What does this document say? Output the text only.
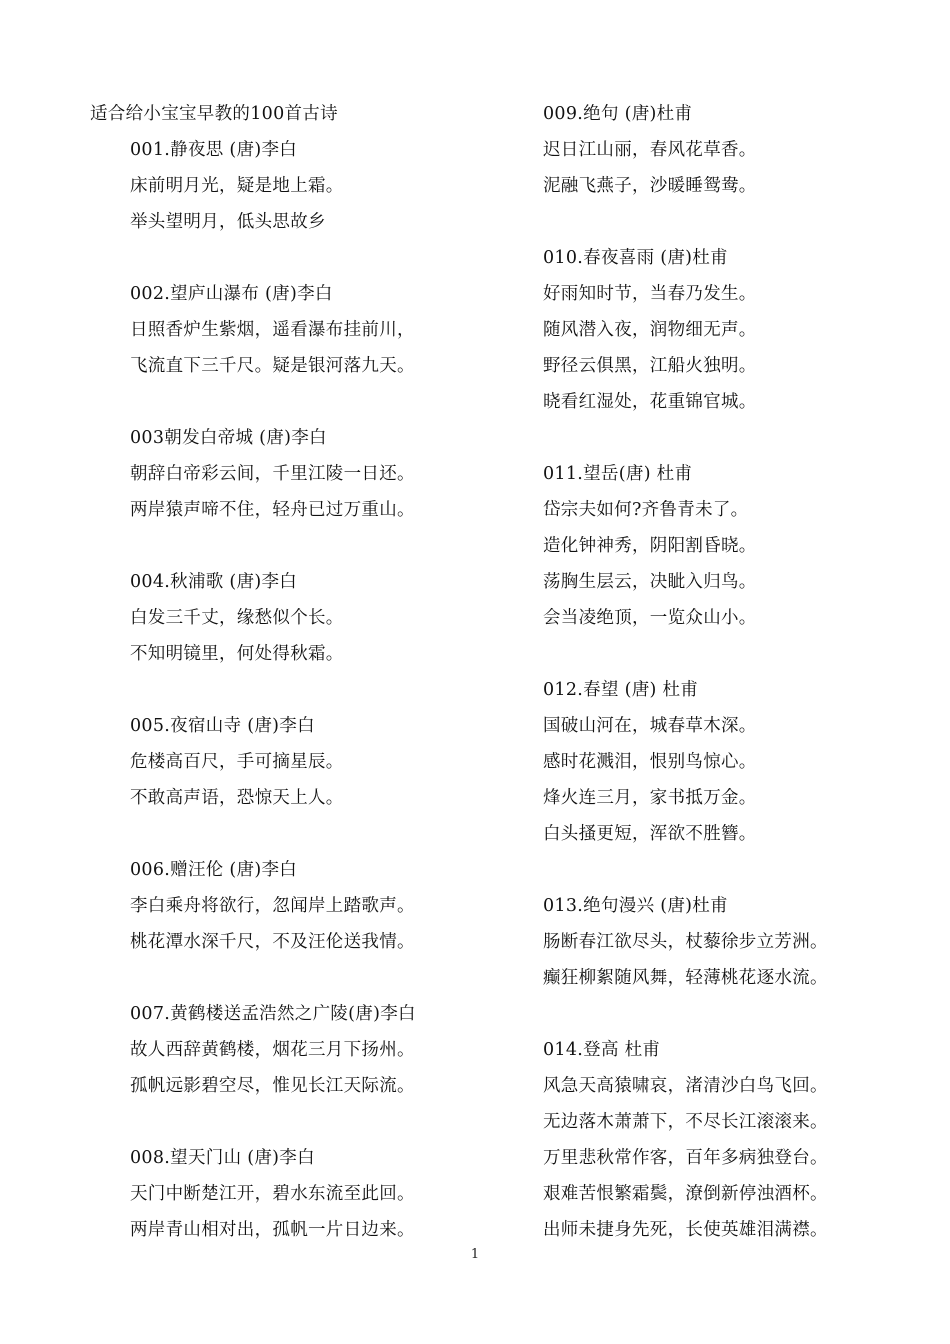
适合给小宝宝早教的100首古诗
001.静夜思 (唐)李白
床前明月光，疑是地上霜。
举头望明月，低头思故乡
002.望庐山瀑布 (唐)李白
日照香炉生紫烟，遥看瀑布挂前川，
飞流直下三千尺。疑是银河落九天。
003朝发白帝城 (唐)李白
朝辞白帝彩云间，千里江陵一日还。
两岸猿声啼不住，轻舟已过万重山。
004.秋浦歌 (唐)李白
白发三千丈，缘愁似个长。
不知明镜里，何处得秋霜。
005.夜宿山寺 (唐)李白
危楼高百尺，手可摘星辰。
不敢高声语，恐惊天上人。
006.赠汪伦 (唐)李白
李白乘舟将欲行，忽闻岸上踏歌声。
桃花潭水深千尺，不及汪伦送我情。
007.黄鹤楼送孟浩然之广陵(唐)李白
故人西辞黄鹤楼，烟花三月下扬州。
孤帆远影碧空尽，惟见长江天际流。
008.望天门山 (唐)李白
天门中断楚江开，碧水东流至此回。
两岸青山相对出，孤帆一片日边来。
009.绝句 (唐)杜甫
迟日江山丽，春风花草香。
泥融飞燕子，沙暖睡鸳鸯。
010.春夜喜雨 (唐)杜甫
好雨知时节，当春乃发生。
随风潜入夜，润物细无声。
野径云俱黑，江船火独明。
晓看红湿处，花重锦官城。
011.望岳(唐) 杜甫
岱宗夫如何?齐鲁青未了。
造化钟神秀，阴阳割昏晓。
荡胸生层云，决眦入归鸟。
会当凌绝顶，一览众山小。
012.春望 (唐) 杜甫
国破山河在，城春草木深。
感时花溅泪，恨别鸟惊心。
烽火连三月，家书抵万金。
白头搔更短，浑欲不胜簪。
013.绝句漫兴 (唐)杜甫
肠断春江欲尽头，杖藜徐步立芳洲。
癫狂柳絮随风舞，轻薄桃花逐水流。
014.登高 杜甫
风急天高猿啸哀，渚清沙白鸟飞回。
无边落木萧萧下，不尽长江滚滚来。
万里悲秋常作客，百年多病独登台。
艰难苦恨繁霜鬓，潦倒新停浊酒杯。
出师未捷身先死，长使英雄泪满襟。
1
